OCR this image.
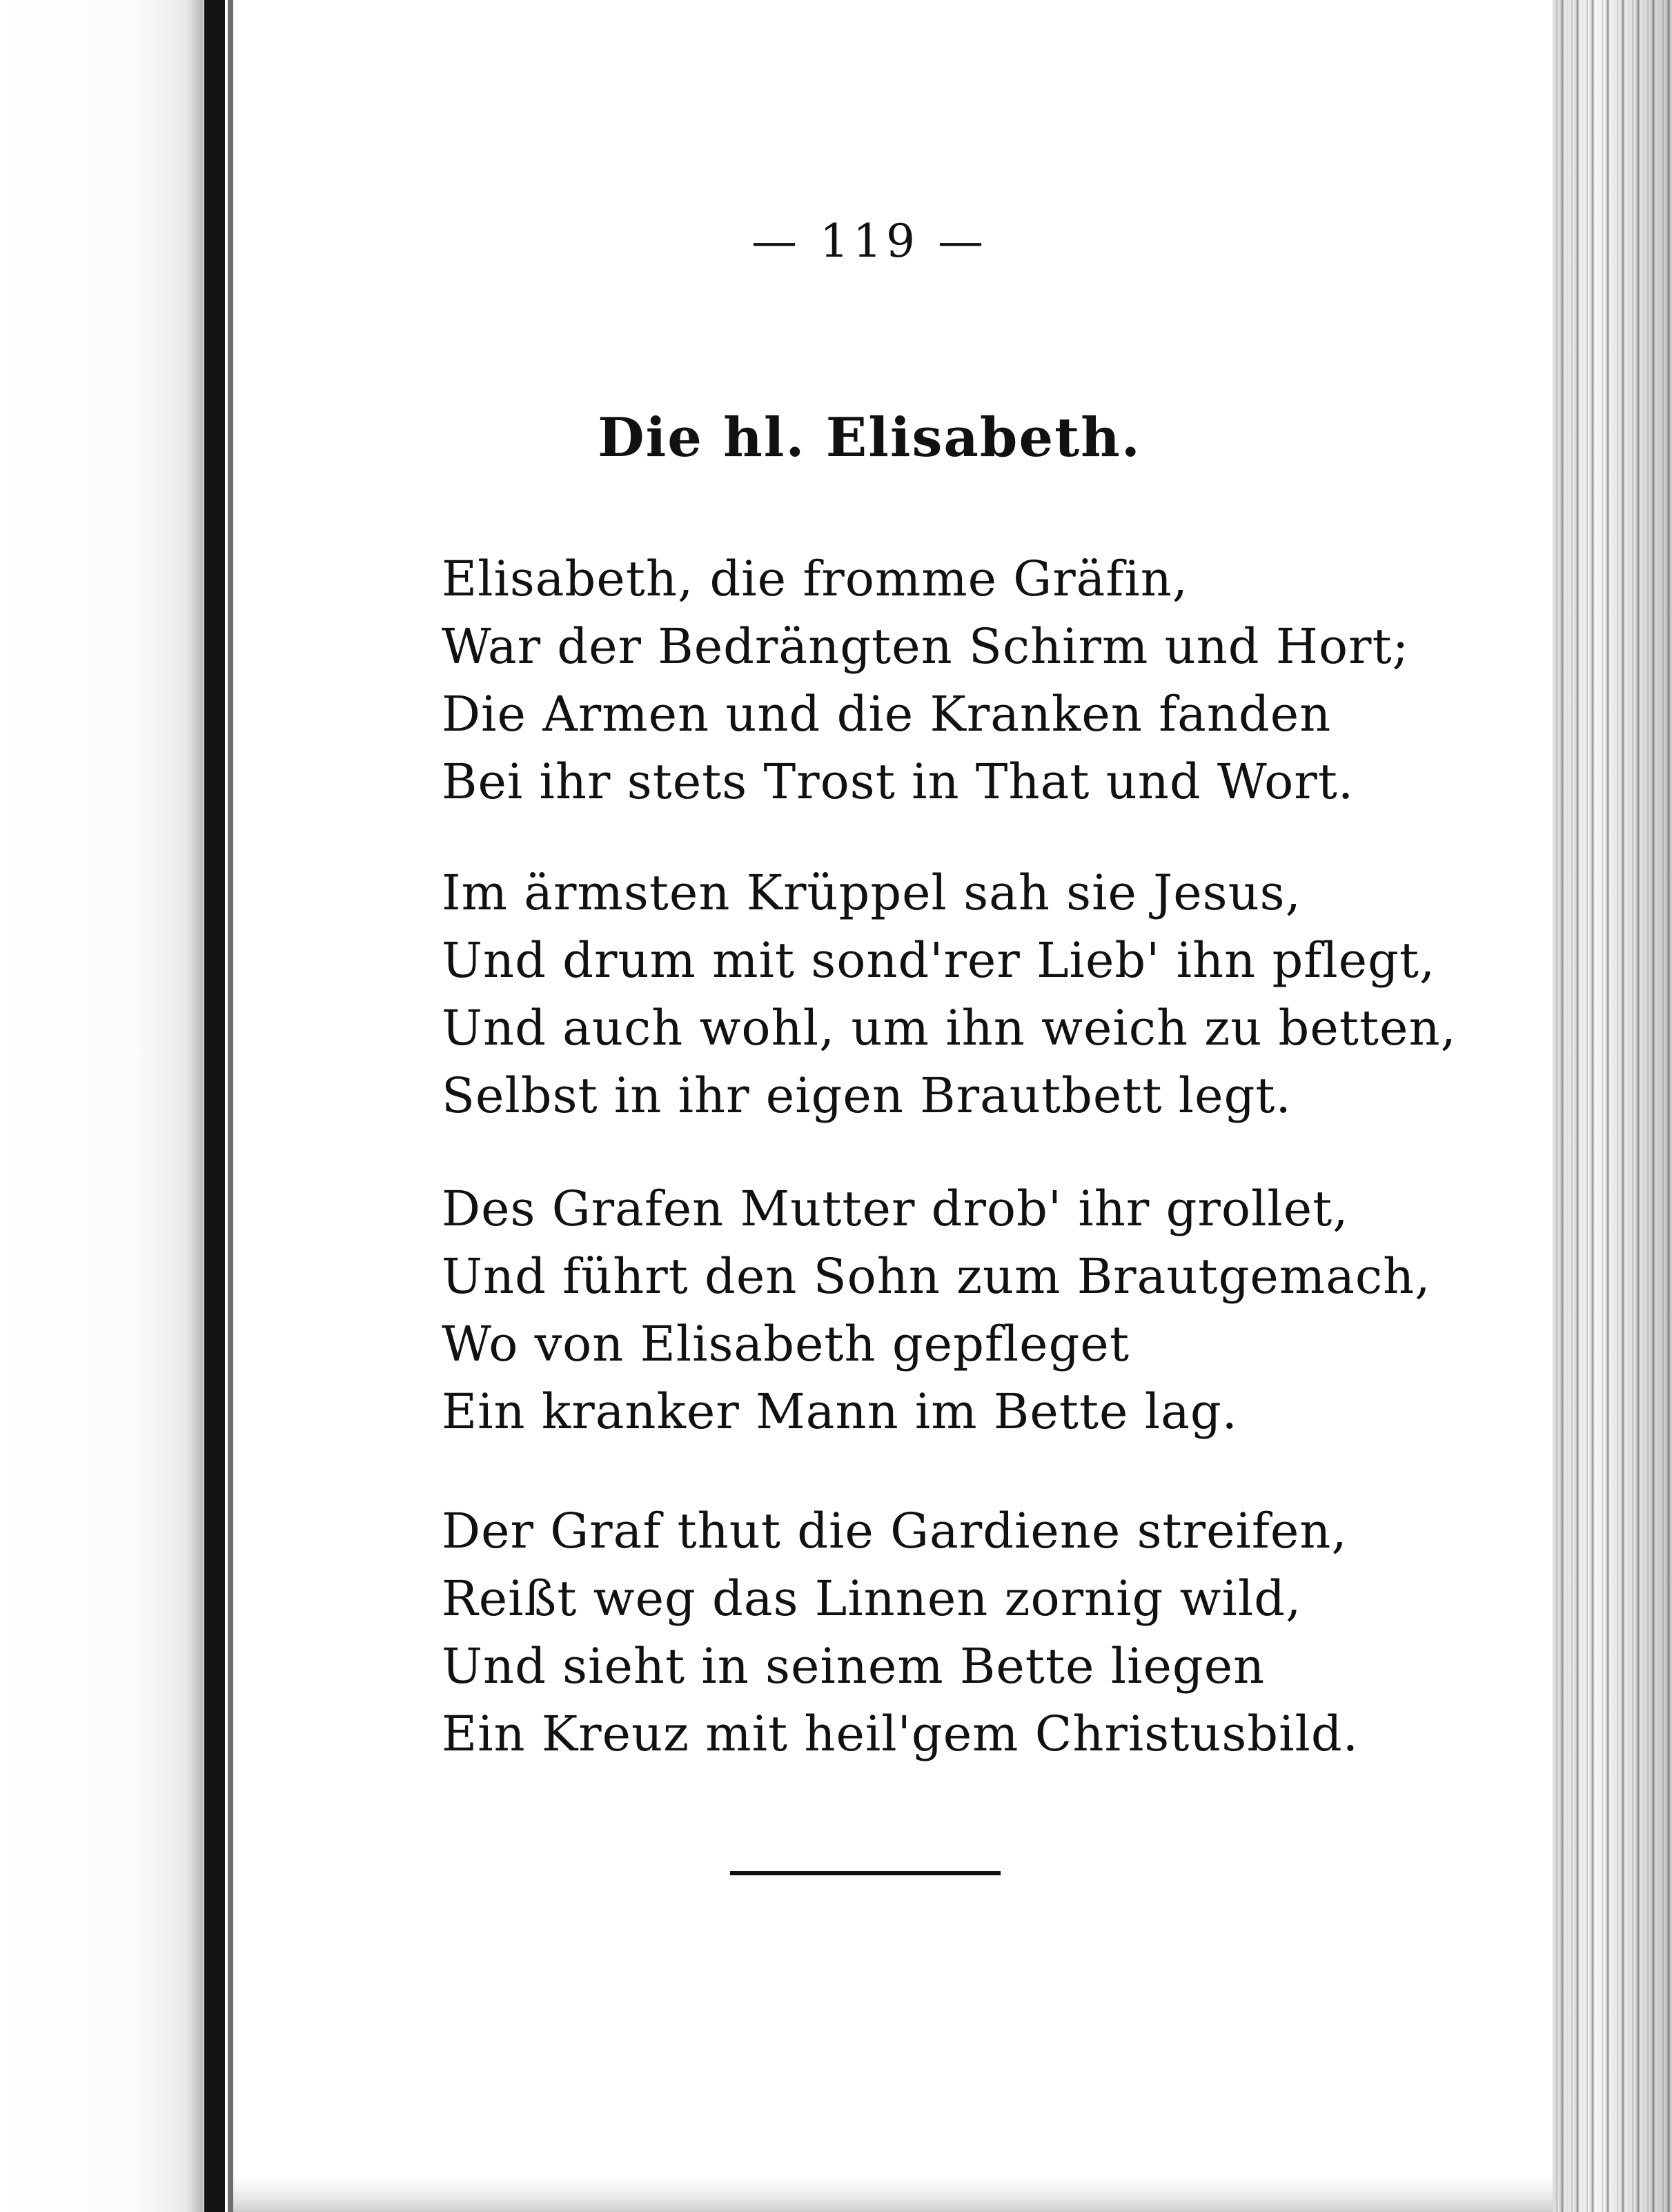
— 119 —
Die hl. Elisabeth.
Elisabeth, die fromme Gräfin,
War der Bedrängten Schirm und Hort;
Die Armen und die Kranken fanden
Bei ihr stets Trost in That und Wort.
Im ärmsten Krüppel sah sie Jesus,
Und drum mit sond'rer Lieb' ihn pflegt,
Und auch wohl, um ihn weich zu betten,
Selbst in ihr eigen Brautbett legt.
Des Grafen Mutter drob' ihr grollet,
Und führt den Sohn zum Brautgemach,
Wo von Elisabeth gepfleget
Ein kranker Mann im Bette lag.
Der Graf thut die Gardiene streifen,
Reißt weg das Linnen zornig wild,
Und sieht in seinem Bette liegen
Ein Kreuz mit heil'gem Christusbild.
